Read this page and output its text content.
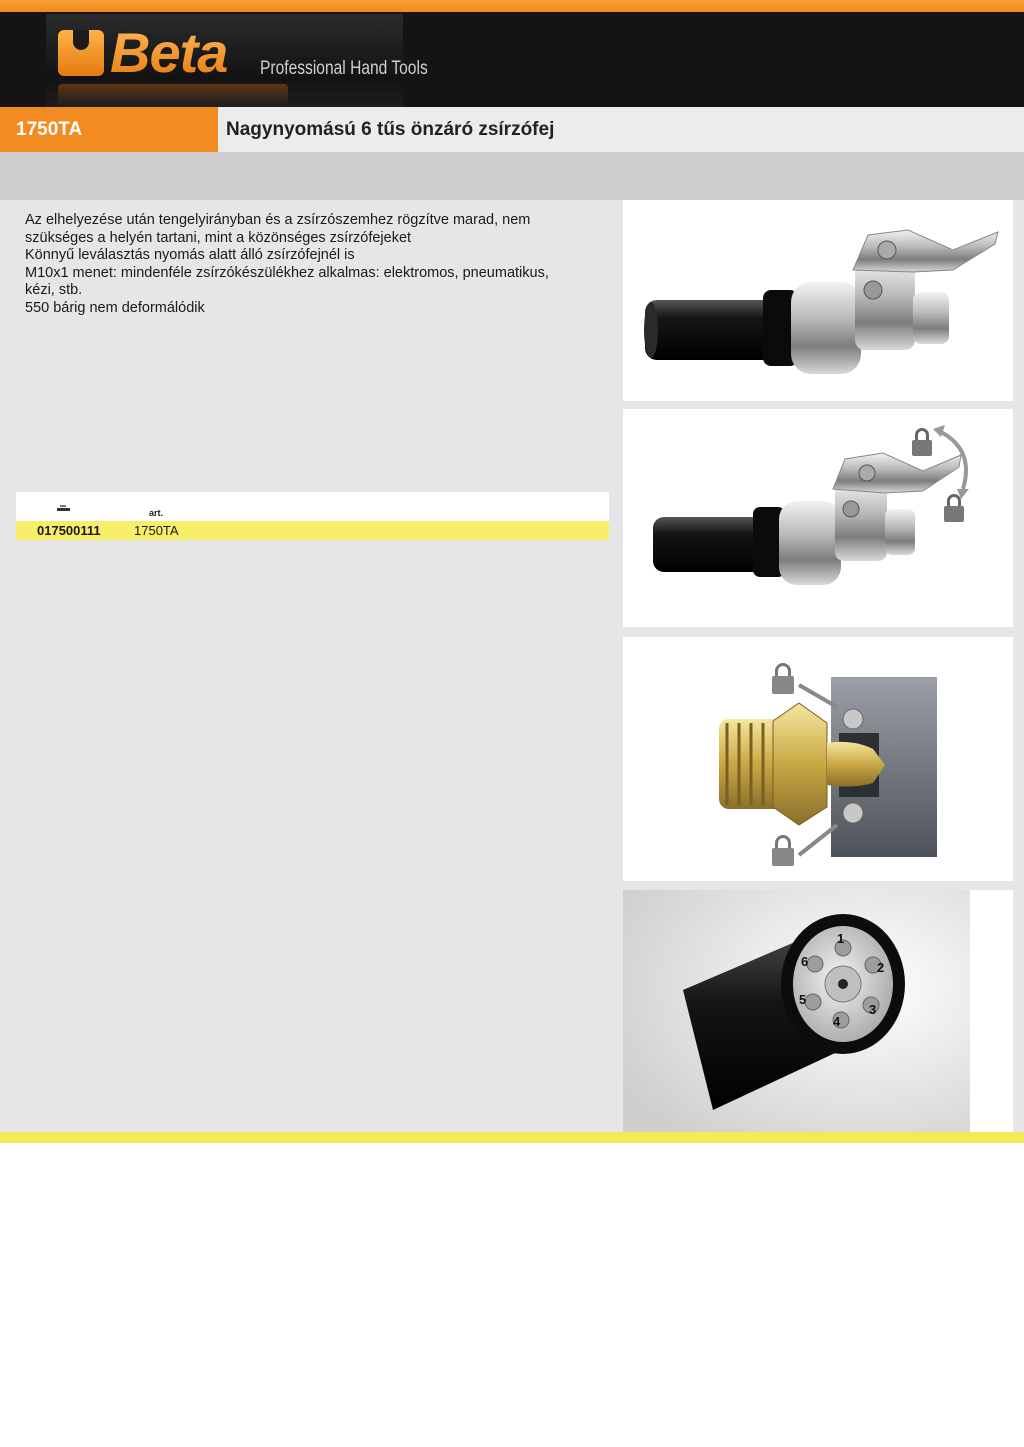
Beta Professional Hand Tools
1750TA	Nagynyomású 6 tűs önzáró zsírzófej
Az elhelyezése után tengelyirányban és a zsírzószemhez rögzítve marad, nem
szükséges a helyén tartani, mint a közönséges zsírzófejeket
Könnyű leválasztás nyomás alatt álló zsírzófejnél is
M10x1 menet: mindenféle zsírzókészülékhez alkalmas: elektromos, pneumatikus,
kézi, stb.
550 bárig nem deformálódik
art.
017500111	1750TA
1
2
3
4
5
6
